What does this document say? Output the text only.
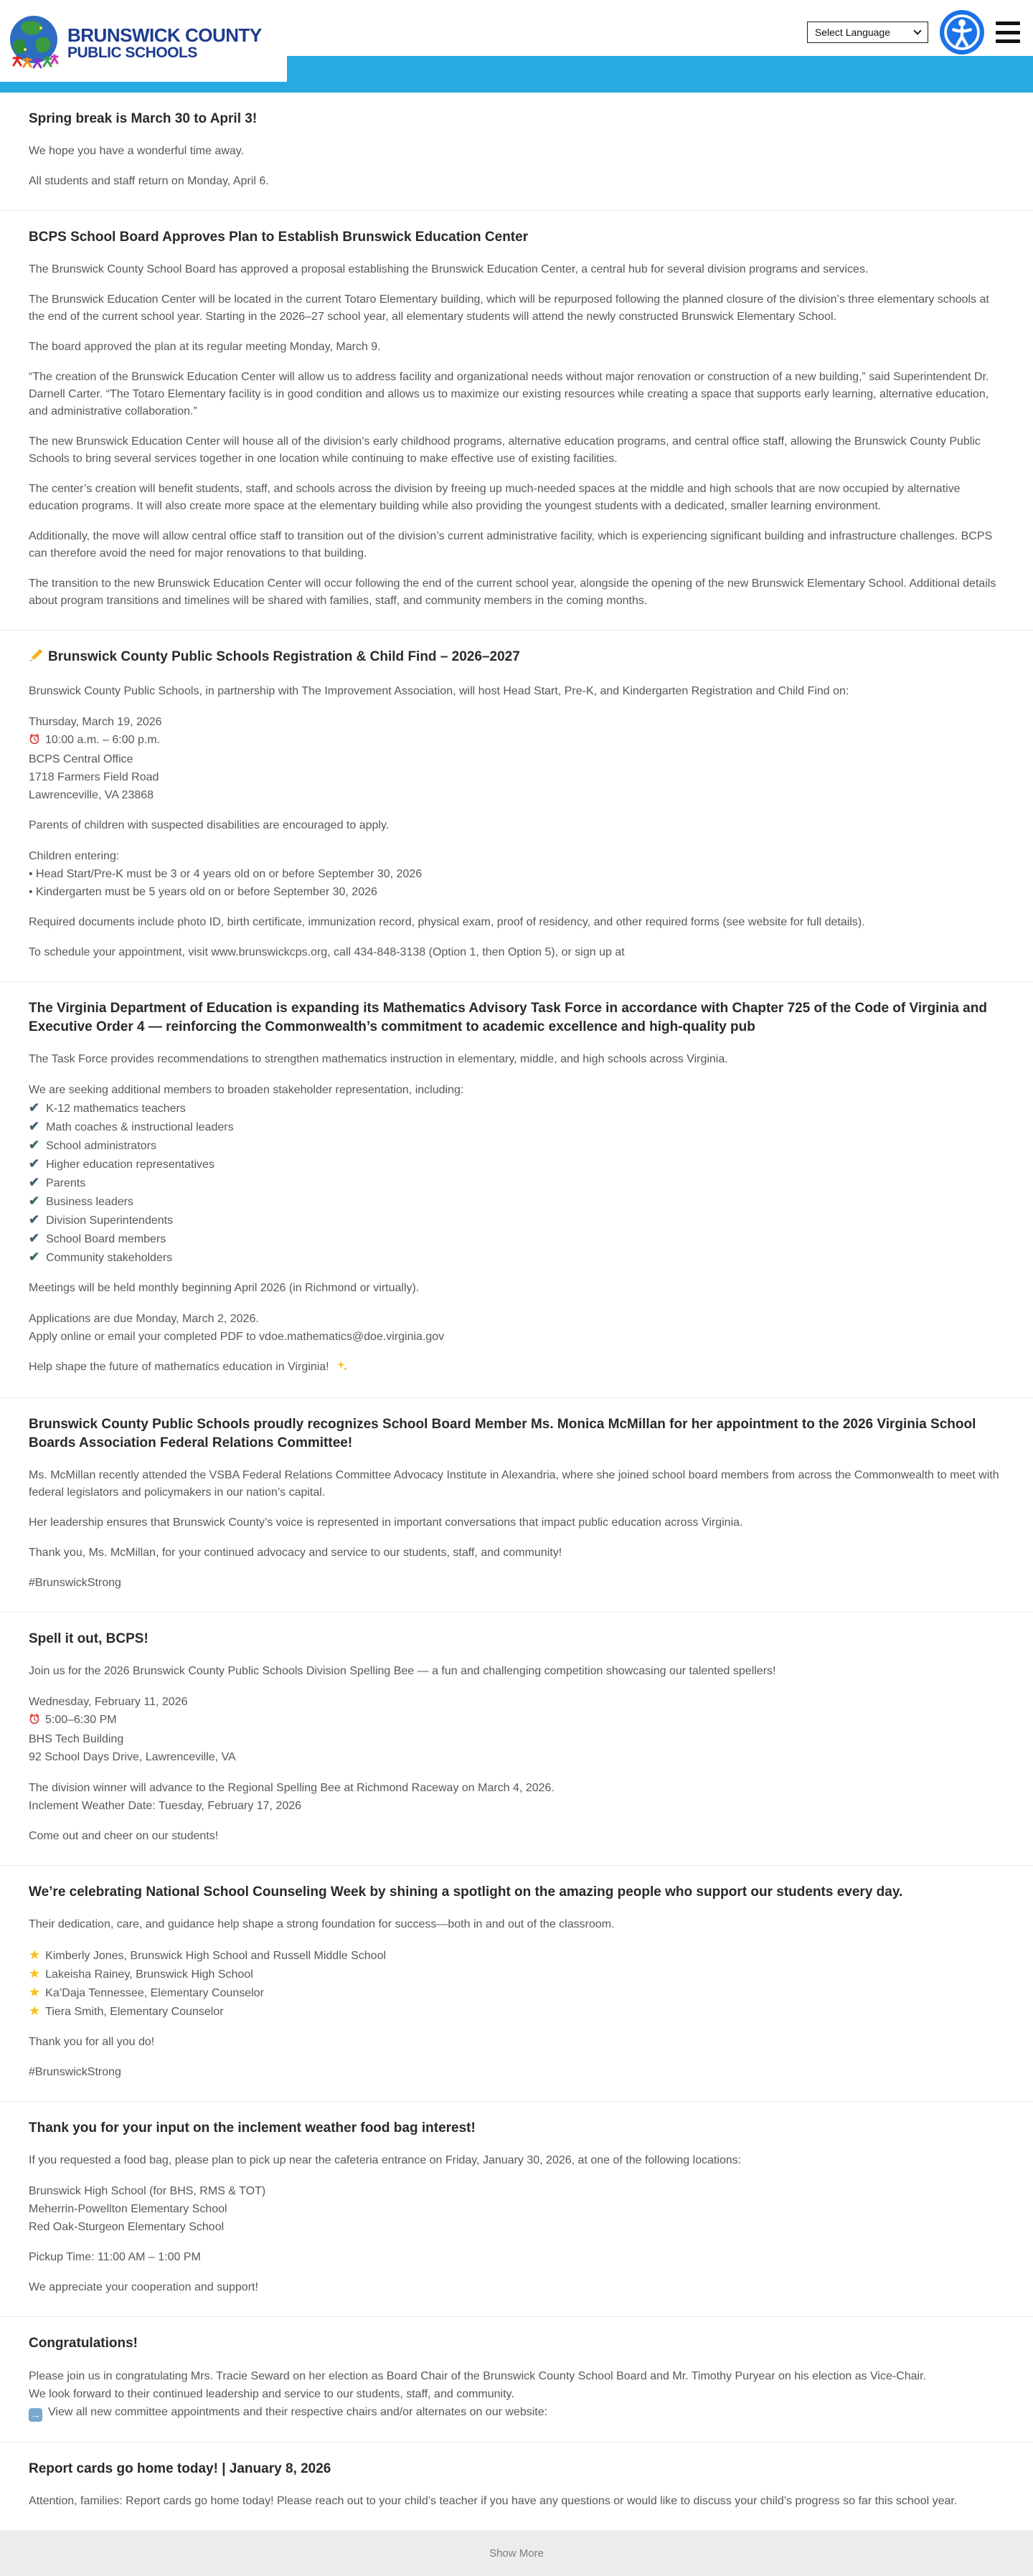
BRUNSWICK COUNTY
PUBLIC SCHOOLS
Select Language
Spring break is March 30 to April 3!

We hope you have a wonderful time away.

All students and staff return on Monday, April 6.

BCPS School Board Approves Plan to Establish Brunswick Education Center

The Brunswick County School Board has approved a proposal establishing the Brunswick Education Center, a central hub for several division programs and services.

The Brunswick Education Center will be located in the current Totaro Elementary building, which will be repurposed following the planned closure of the division’s three elementary schools at the end of the current school year. Starting in the 2026–27 school year, all elementary students will attend the newly constructed Brunswick Elementary School.

The board approved the plan at its regular meeting Monday, March 9.

“The creation of the Brunswick Education Center will allow us to address facility and organizational needs without major renovation or construction of a new building,” said Superintendent Dr. Darnell Carter. “The Totaro Elementary facility is in good condition and allows us to maximize our existing resources while creating a space that supports early learning, alternative education, and administrative collaboration.”

The new Brunswick Education Center will house all of the division’s early childhood programs, alternative education programs, and central office staff, allowing the Brunswick County Public Schools to bring several services together in one location while continuing to make effective use of existing facilities.

The center’s creation will benefit students, staff, and schools across the division by freeing up much-needed spaces at the middle and high schools that are now occupied by alternative education programs. It will also create more space at the elementary building while also providing the youngest students with a dedicated, smaller learning environment.

Additionally, the move will allow central office staff to transition out of the division’s current administrative facility, which is experiencing significant building and infrastructure challenges. BCPS can therefore avoid the need for major renovations to that building.

The transition to the new Brunswick Education Center will occur following the end of the current school year, alongside the opening of the new Brunswick Elementary School. Additional details about program transitions and timelines will be shared with families, staff, and community members in the coming months.

Brunswick County Public Schools Registration & Child Find – 2026–2027

Brunswick County Public Schools, in partnership with The Improvement Association, will host Head Start, Pre-K, and Kindergarten Registration and Child Find on:

Thursday, March 19, 2026
10:00 a.m. – 6:00 p.m.
BCPS Central Office
1718 Farmers Field Road
Lawrenceville, VA 23868

Parents of children with suspected disabilities are encouraged to apply.

Children entering:
• Head Start/Pre-K must be 3 or 4 years old on or before September 30, 2026
• Kindergarten must be 5 years old on or before September 30, 2026

Required documents include photo ID, birth certificate, immunization record, physical exam, proof of residency, and other required forms (see website for full details).

To schedule your appointment, visit www.brunswickcps.org, call 434-848-3138 (Option 1, then Option 5), or sign up at

The Virginia Department of Education is expanding its Mathematics Advisory Task Force in accordance with Chapter 725 of the Code of Virginia and Executive Order 4 — reinforcing the Commonwealth’s commitment to academic excellence and high-quality pub

The Task Force provides recommendations to strengthen mathematics instruction in elementary, middle, and high schools across Virginia.

We are seeking additional members to broaden stakeholder representation, including:
✔ K-12 mathematics teachers
✔ Math coaches & instructional leaders
✔ School administrators
✔ Higher education representatives
✔ Parents
✔ Business leaders
✔ Division Superintendents
✔ School Board members
✔ Community stakeholders

Meetings will be held monthly beginning April 2026 (in Richmond or virtually).

Applications are due Monday, March 2, 2026.
Apply online or email your completed PDF to vdoe.mathematics@doe.virginia.gov

Help shape the future of mathematics education in Virginia!

Brunswick County Public Schools proudly recognizes School Board Member Ms. Monica McMillan for her appointment to the 2026 Virginia School Boards Association Federal Relations Committee!

Ms. McMillan recently attended the VSBA Federal Relations Committee Advocacy Institute in Alexandria, where she joined school board members from across the Commonwealth to meet with federal legislators and policymakers in our nation’s capital.

Her leadership ensures that Brunswick County’s voice is represented in important conversations that impact public education across Virginia.

Thank you, Ms. McMillan, for your continued advocacy and service to our students, staff, and community!

#BrunswickStrong

Spell it out, BCPS!

Join us for the 2026 Brunswick County Public Schools Division Spelling Bee — a fun and challenging competition showcasing our talented spellers!

Wednesday, February 11, 2026
5:00–6:30 PM
BHS Tech Building
92 School Days Drive, Lawrenceville, VA
The division winner will advance to the Regional Spelling Bee at Richmond Raceway on March 4, 2026.
Inclement Weather Date: Tuesday, February 17, 2026

Come out and cheer on our students!

We’re celebrating National School Counseling Week by shining a spotlight on the amazing people who support our students every day.

Their dedication, care, and guidance help shape a strong foundation for success—both in and out of the classroom.

★ Kimberly Jones, Brunswick High School and Russell Middle School
★ Lakeisha Rainey, Brunswick High School
★ Ka’Daja Tennessee, Elementary Counselor
★ Tiera Smith, Elementary Counselor

Thank you for all you do!

#BrunswickStrong

Thank you for your input on the inclement weather food bag interest!

If you requested a food bag, please plan to pick up near the cafeteria entrance on Friday, January 30, 2026, at one of the following locations:

Brunswick High School (for BHS, RMS & TOT)
Meherrin-Powellton Elementary School
Red Oak-Sturgeon Elementary School

Pickup Time: 11:00 AM – 1:00 PM

We appreciate your cooperation and support!

Congratulations!
Please join us in congratulating Mrs. Tracie Seward on her election as Board Chair of the Brunswick County School Board and Mr. Timothy Puryear on his election as Vice-Chair.
We look forward to their continued leadership and service to our students, staff, and community.
→ View all new committee appointments and their respective chairs and/or alternates on our website:
Report cards go home today! | January 8, 2026

Attention, families: Report cards go home today! Please reach out to your child’s teacher if you have any questions or would like to discuss your child’s progress so far this school year.

Show More
